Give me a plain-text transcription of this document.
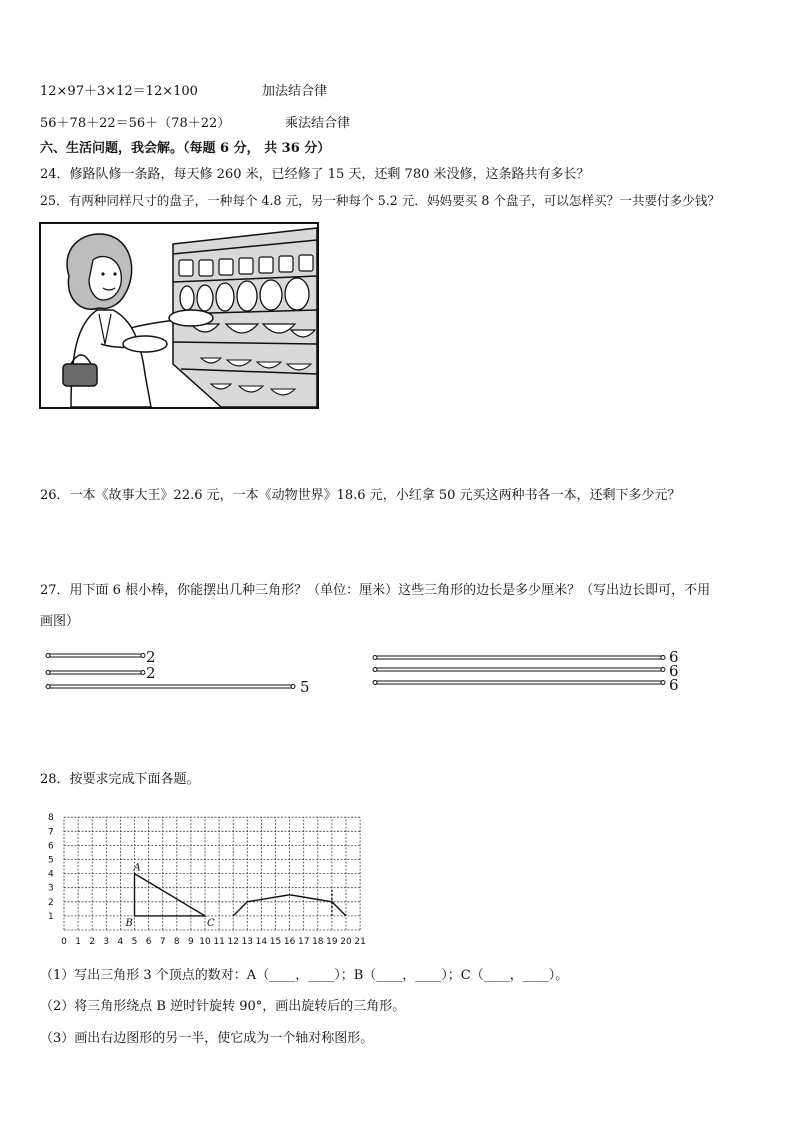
12×97＋3×12＝12×100	加法结合律
56＋78＋22＝56＋（78＋22）	乘法结合律
六、生活问题，我会解。（每题 6 分， 共 36 分）
24．修路队修一条路，每天修 260 米，已经修了 15 天，还剩 780 米没修，这条路共有多长？
25．有两种同样尺寸的盘子，一种每个 4.8 元，另一种每个 5.2 元．妈妈要买 8 个盘子，可以怎样买？一共要付多少钱？
26．一本《故事大王》22.6 元，一本《动物世界》18.6 元，小红拿 50 元买这两种书各一本，还剩下多少元？
27．用下面 6 根小棒，你能摆出几种三角形？（单位：厘米）这些三角形的边长是多少厘米？（写出边长即可，不用
画图）
2
2
5
6
6
6
28．按要求完成下面各题。
8
7
6
5
4
3
2
1
0 1 2 3 4 5 6 7 8 9 10 11 12 13 14 15 16 17 18 19 20 21
A
B	C
（1）写出三角形 3 个顶点的数对：A（____，____）；B（____，____）；C（____，____）。
（2）将三角形绕点 B 逆时针旋转 90°，画出旋转后的三角形。
（3）画出右边图形的另一半，使它成为一个轴对称图形。
